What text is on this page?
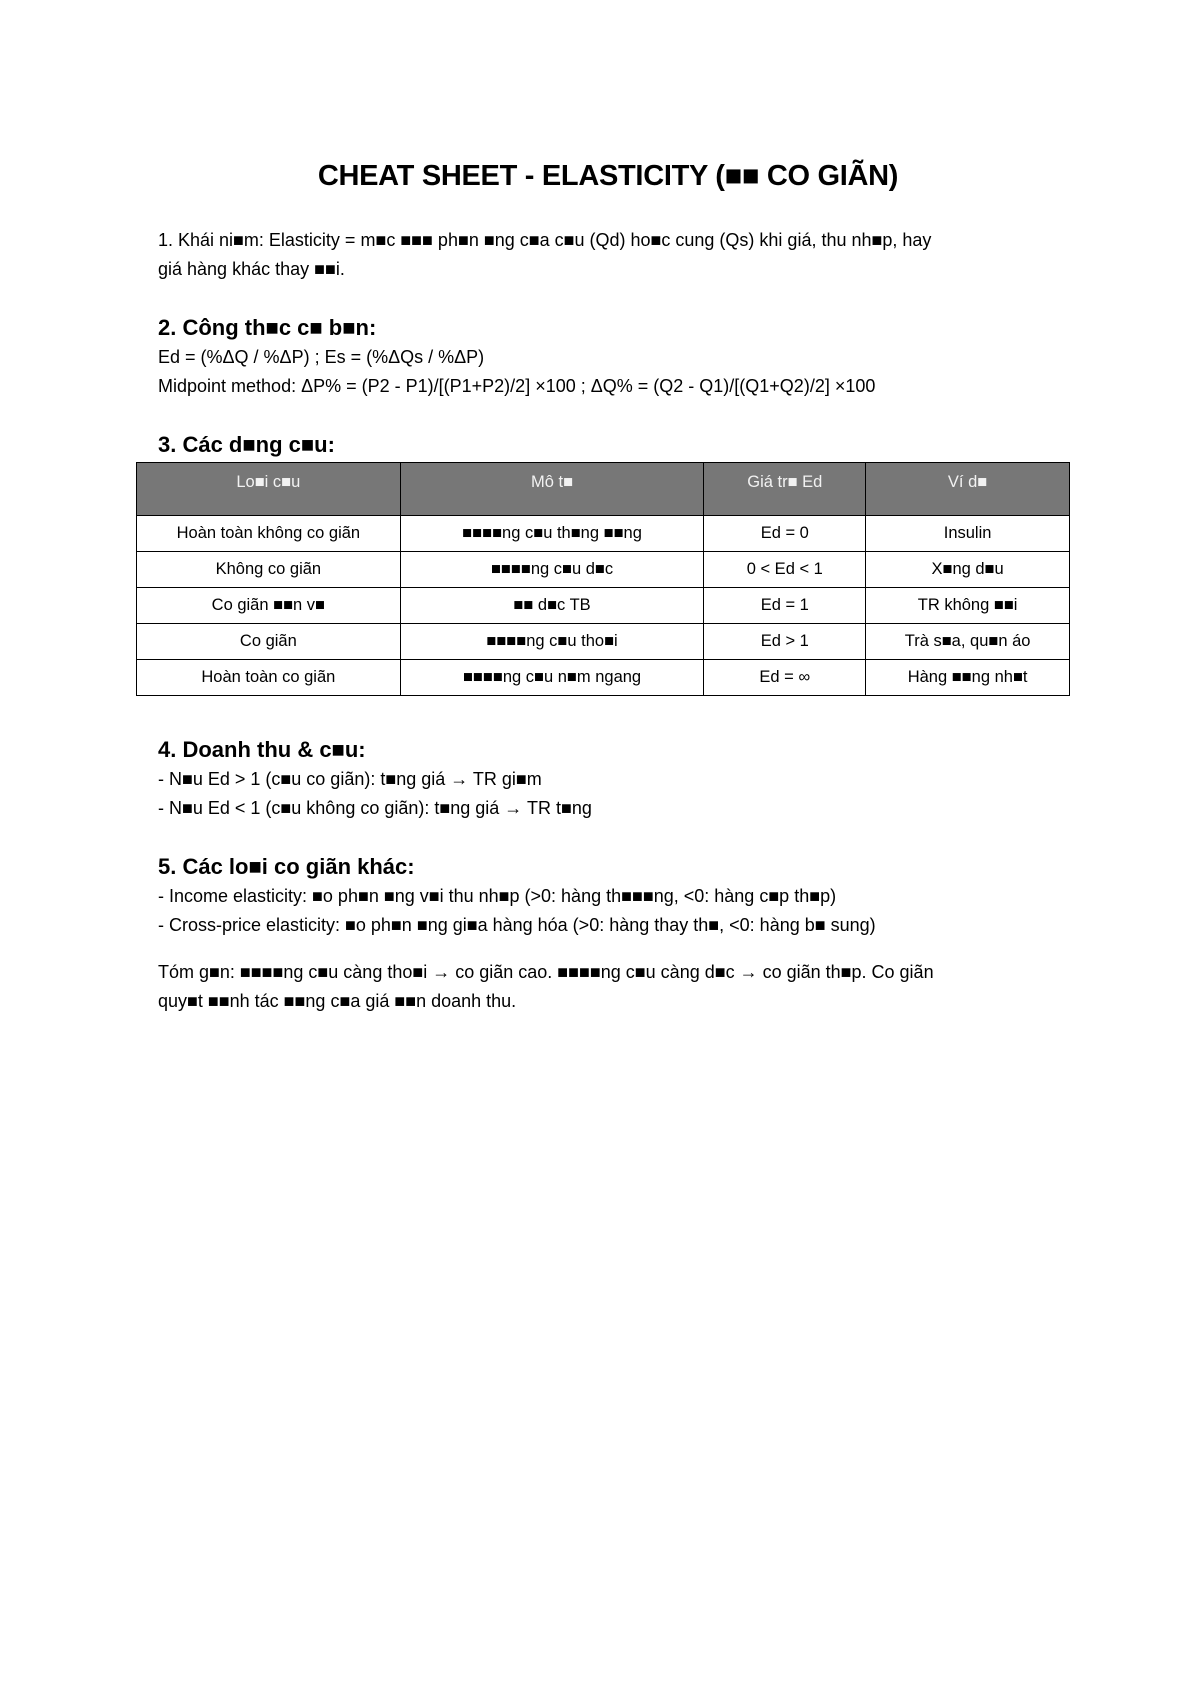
CHEAT SHEET - ELASTICITY (■■ CO GIÃN)

1. Khái ni■m: Elasticity = m■c ■■■ ph■n ■ng c■a c■u (Qd) ho■c cung (Qs) khi giá, thu nh■p, hay

giá hàng khác thay ■■i.

2. Công th■c c■ b■n:

Ed = (%ΔQ / %ΔP) ; Es = (%ΔQs / %ΔP)

Midpoint method: ΔP% = (P2 - P1)/[(P1+P2)/2] ×100 ; ΔQ% = (Q2 - Q1)/[(Q1+Q2)/2] ×100

3. Các d■ng c■u:
Lo■i c■u	Mô t■	Giá tr■ Ed	Ví d■
Hoàn toàn không co giãn	■■■■ng c■u th■ng ■■ng	Ed = 0	Insulin
Không co giãn	■■■■ng c■u d■c	0 < Ed < 1	X■ng d■u
Co giãn ■■n v■	■■ d■c TB	Ed = 1	TR không ■■i
Co giãn	■■■■ng c■u tho■i	Ed > 1	Trà s■a, qu■n áo
Hoàn toàn co giãn	■■■■ng c■u n■m ngang	Ed = ∞	Hàng ■■ng nh■t
4. Doanh thu & c■u:

- N■u Ed > 1 (c■u co giãn): t■ng giá → TR gi■m

- N■u Ed < 1 (c■u không co giãn): t■ng giá → TR t■ng

5. Các lo■i co giãn khác:

- Income elasticity: ■o ph■n ■ng v■i thu nh■p (>0: hàng th■■■ng, <0: hàng c■p th■p)

- Cross-price elasticity: ■o ph■n ■ng gi■a hàng hóa (>0: hàng thay th■, <0: hàng b■ sung)

Tóm g■n: ■■■■ng c■u càng tho■i → co giãn cao. ■■■■ng c■u càng d■c → co giãn th■p. Co giãn

quy■t ■■nh tác ■■ng c■a giá ■■n doanh thu.
